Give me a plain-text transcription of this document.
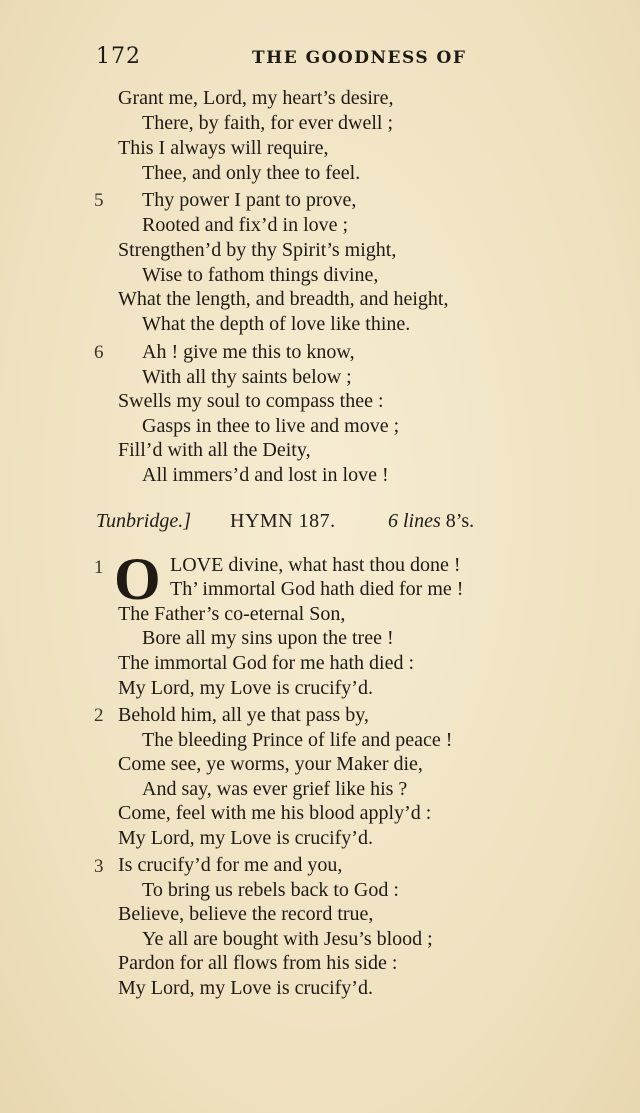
172	THE GOODNESS OF
Grant me, Lord, my heart’s desire,
There, by faith, for ever dwell ;
This I always will require,
Thee, and only thee to feel.
5 Thy power I pant to prove,
Rooted and fix’d in love ;
Strengthen’d by thy Spirit’s might,
Wise to fathom things divine,
What the length, and breadth, and height,
What the depth of love like thine.
6 Ah ! give me this to know,
With all thy saints below ;
Swells my soul to compass thee :
Gasps in thee to live and move ;
Fill’d with all the Deity,
All immers’d and lost in love !
Tunbridge.] HYMN 187.	6 lines 8’s.
1 O LOVE divine, what hast thou done !
Th’ immortal God hath died for me !
The Father’s co-eternal Son,
Bore all my sins upon the tree !
The immortal God for me hath died :
My Lord, my Love is crucify’d.
2 Behold him, all ye that pass by,
The bleeding Prince of life and peace !
Come see, ye worms, your Maker die,
And say, was ever grief like his ?
Come, feel with me his blood apply’d :
My Lord, my Love is crucify’d.
3 Is crucify’d for me and you,
To bring us rebels back to God :
Believe, believe the record true,
Ye all are bought with Jesu’s blood ;
Pardon for all flows from his side :
My Lord, my Love is crucify’d.
